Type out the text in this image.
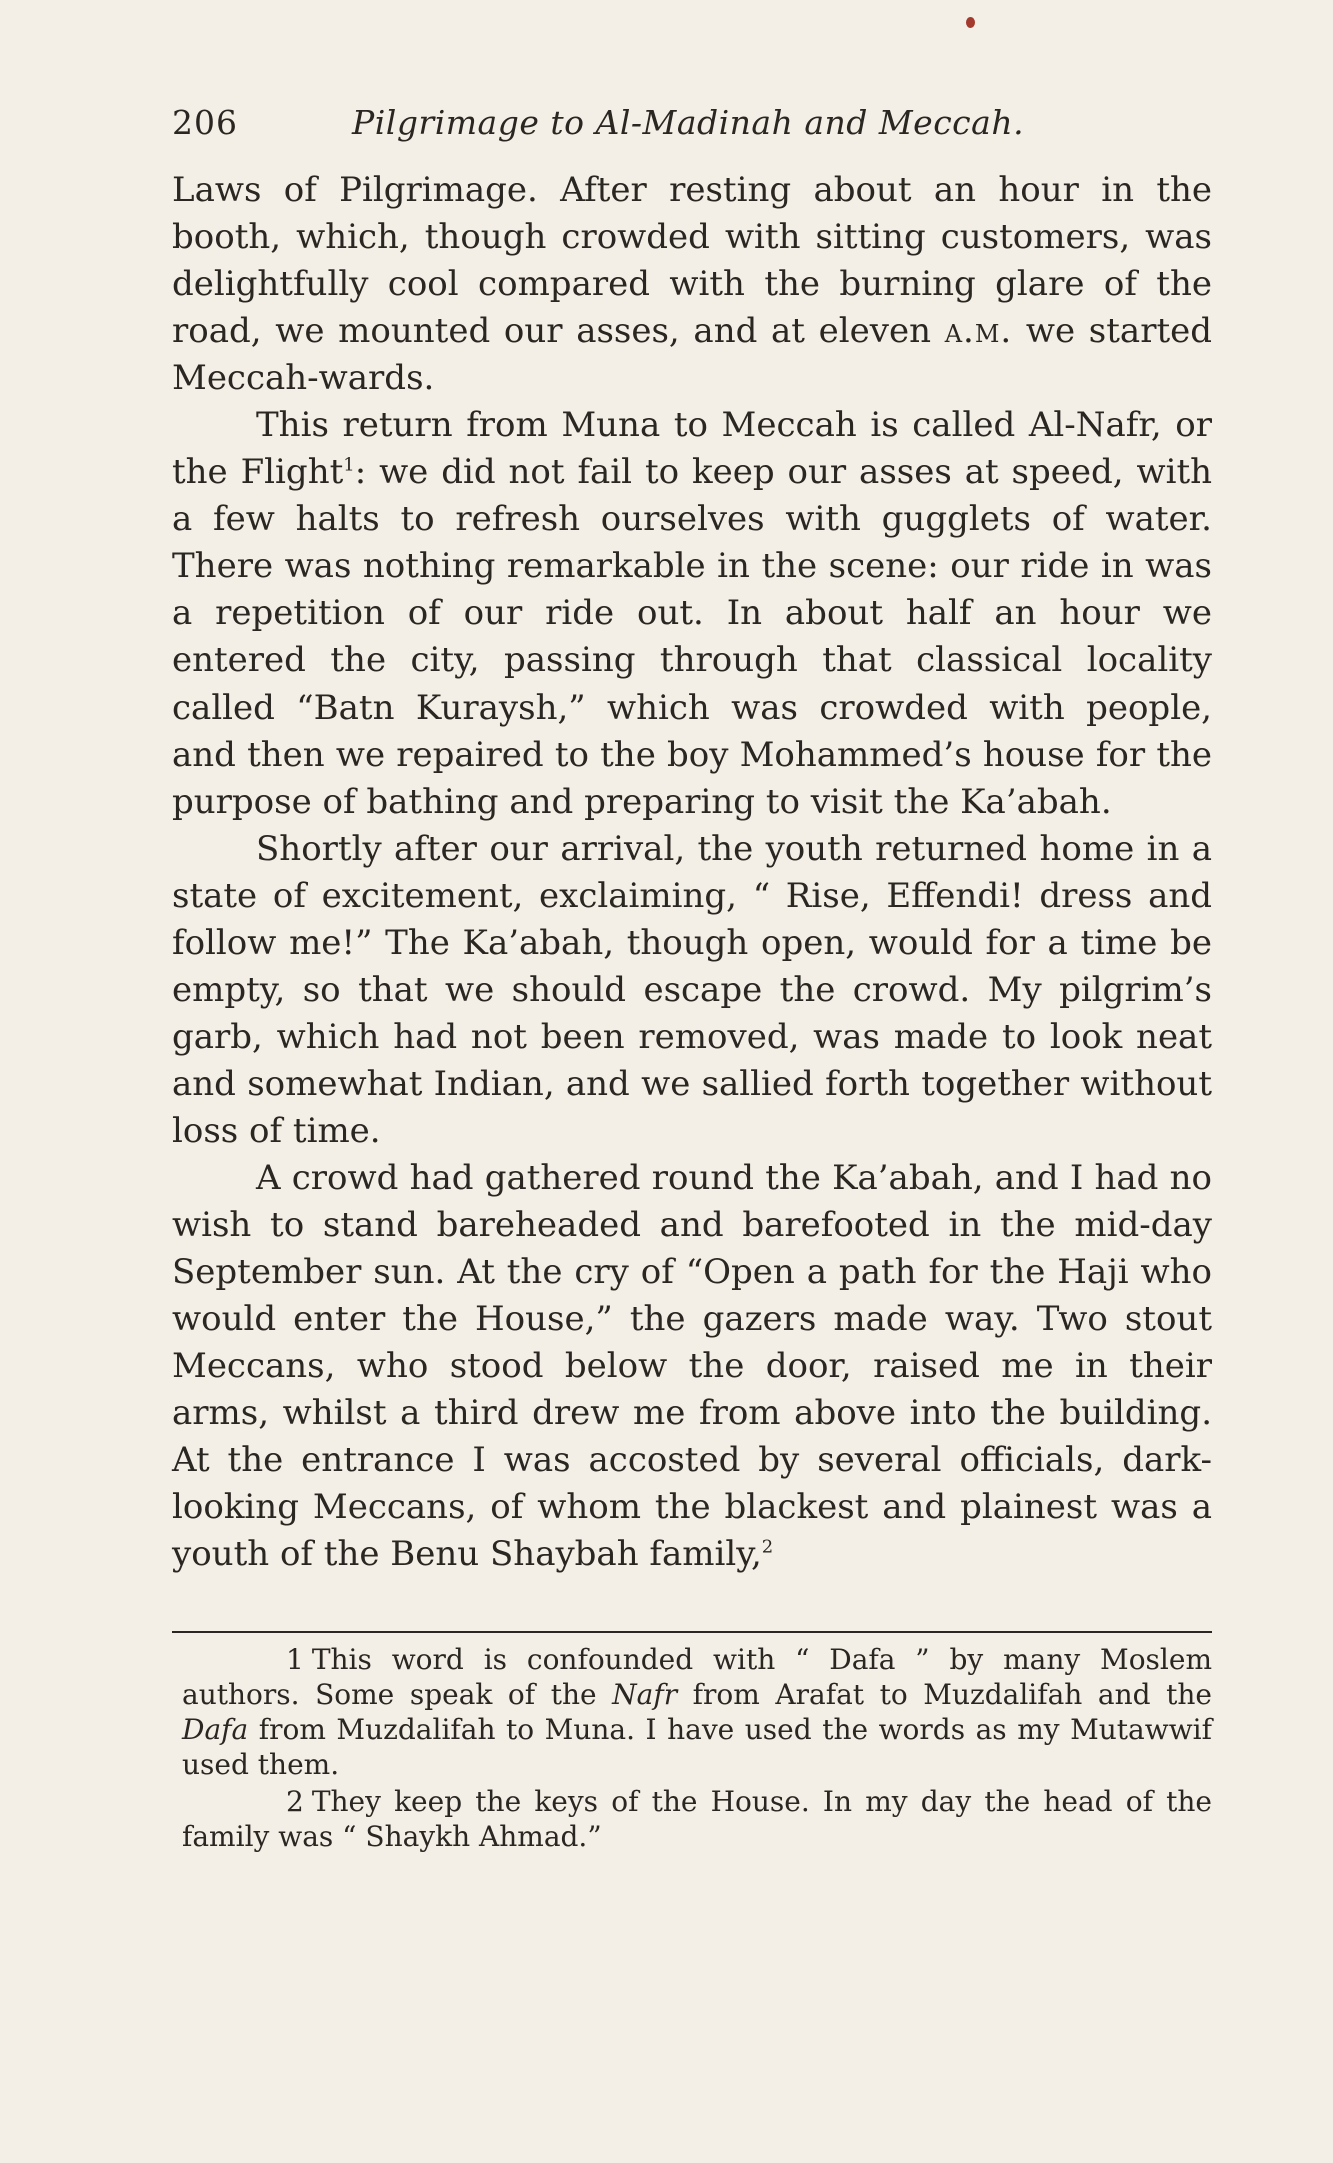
206	Pilgrimage to Al-Madinah and Meccah.

Laws of Pilgrimage. After resting about an hour in the booth, which, though crowded with sitting customers, was delightfully cool compared with the burning glare of the road, we mounted our asses, and at eleven a.m. we started Meccah-wards.

This return from Muna to Meccah is called Al-Nafr, or the Flight$^1$: we did not fail to keep our asses at speed, with a few halts to refresh ourselves with gugglets of water. There was nothing remarkable in the scene: our ride in was a repetition of our ride out. In about half an hour we entered the city, passing through that classical locality called “Batn Kuraysh,” which was crowded with people, and then we repaired to the boy Mohammed’s house for the purpose of bathing and preparing to visit the Ka’abah.

Shortly after our arrival, the youth returned home in a state of excitement, exclaiming, “ Rise, Effendi! dress and follow me!” The Ka’abah, though open, would for a time be empty, so that we should escape the crowd. My pilgrim’s garb, which had not been removed, was made to look neat and somewhat Indian, and we sallied forth together without loss of time.

A crowd had gathered round the Ka’abah, and I had no wish to stand bareheaded and barefooted in the mid-day September sun. At the cry of “Open a path for the Haji who would enter the House,” the gazers made way. Two stout Meccans, who stood below the door, raised me in their arms, whilst a third drew me from above into the building. At the entrance I was accosted by several officials, dark-looking Meccans, of whom the blackest and plainest was a youth of the Benu Shaybah family,$^2$

1 This word is confounded with “ Dafa ” by many Moslem authors. Some speak of the Nafr from Arafat to Muzdalifah and the Dafa from Muzdalifah to Muna. I have used the words as my Mutawwif used them.

2 They keep the keys of the House. In my day the head of the family was “ Shaykh Ahmad.”
